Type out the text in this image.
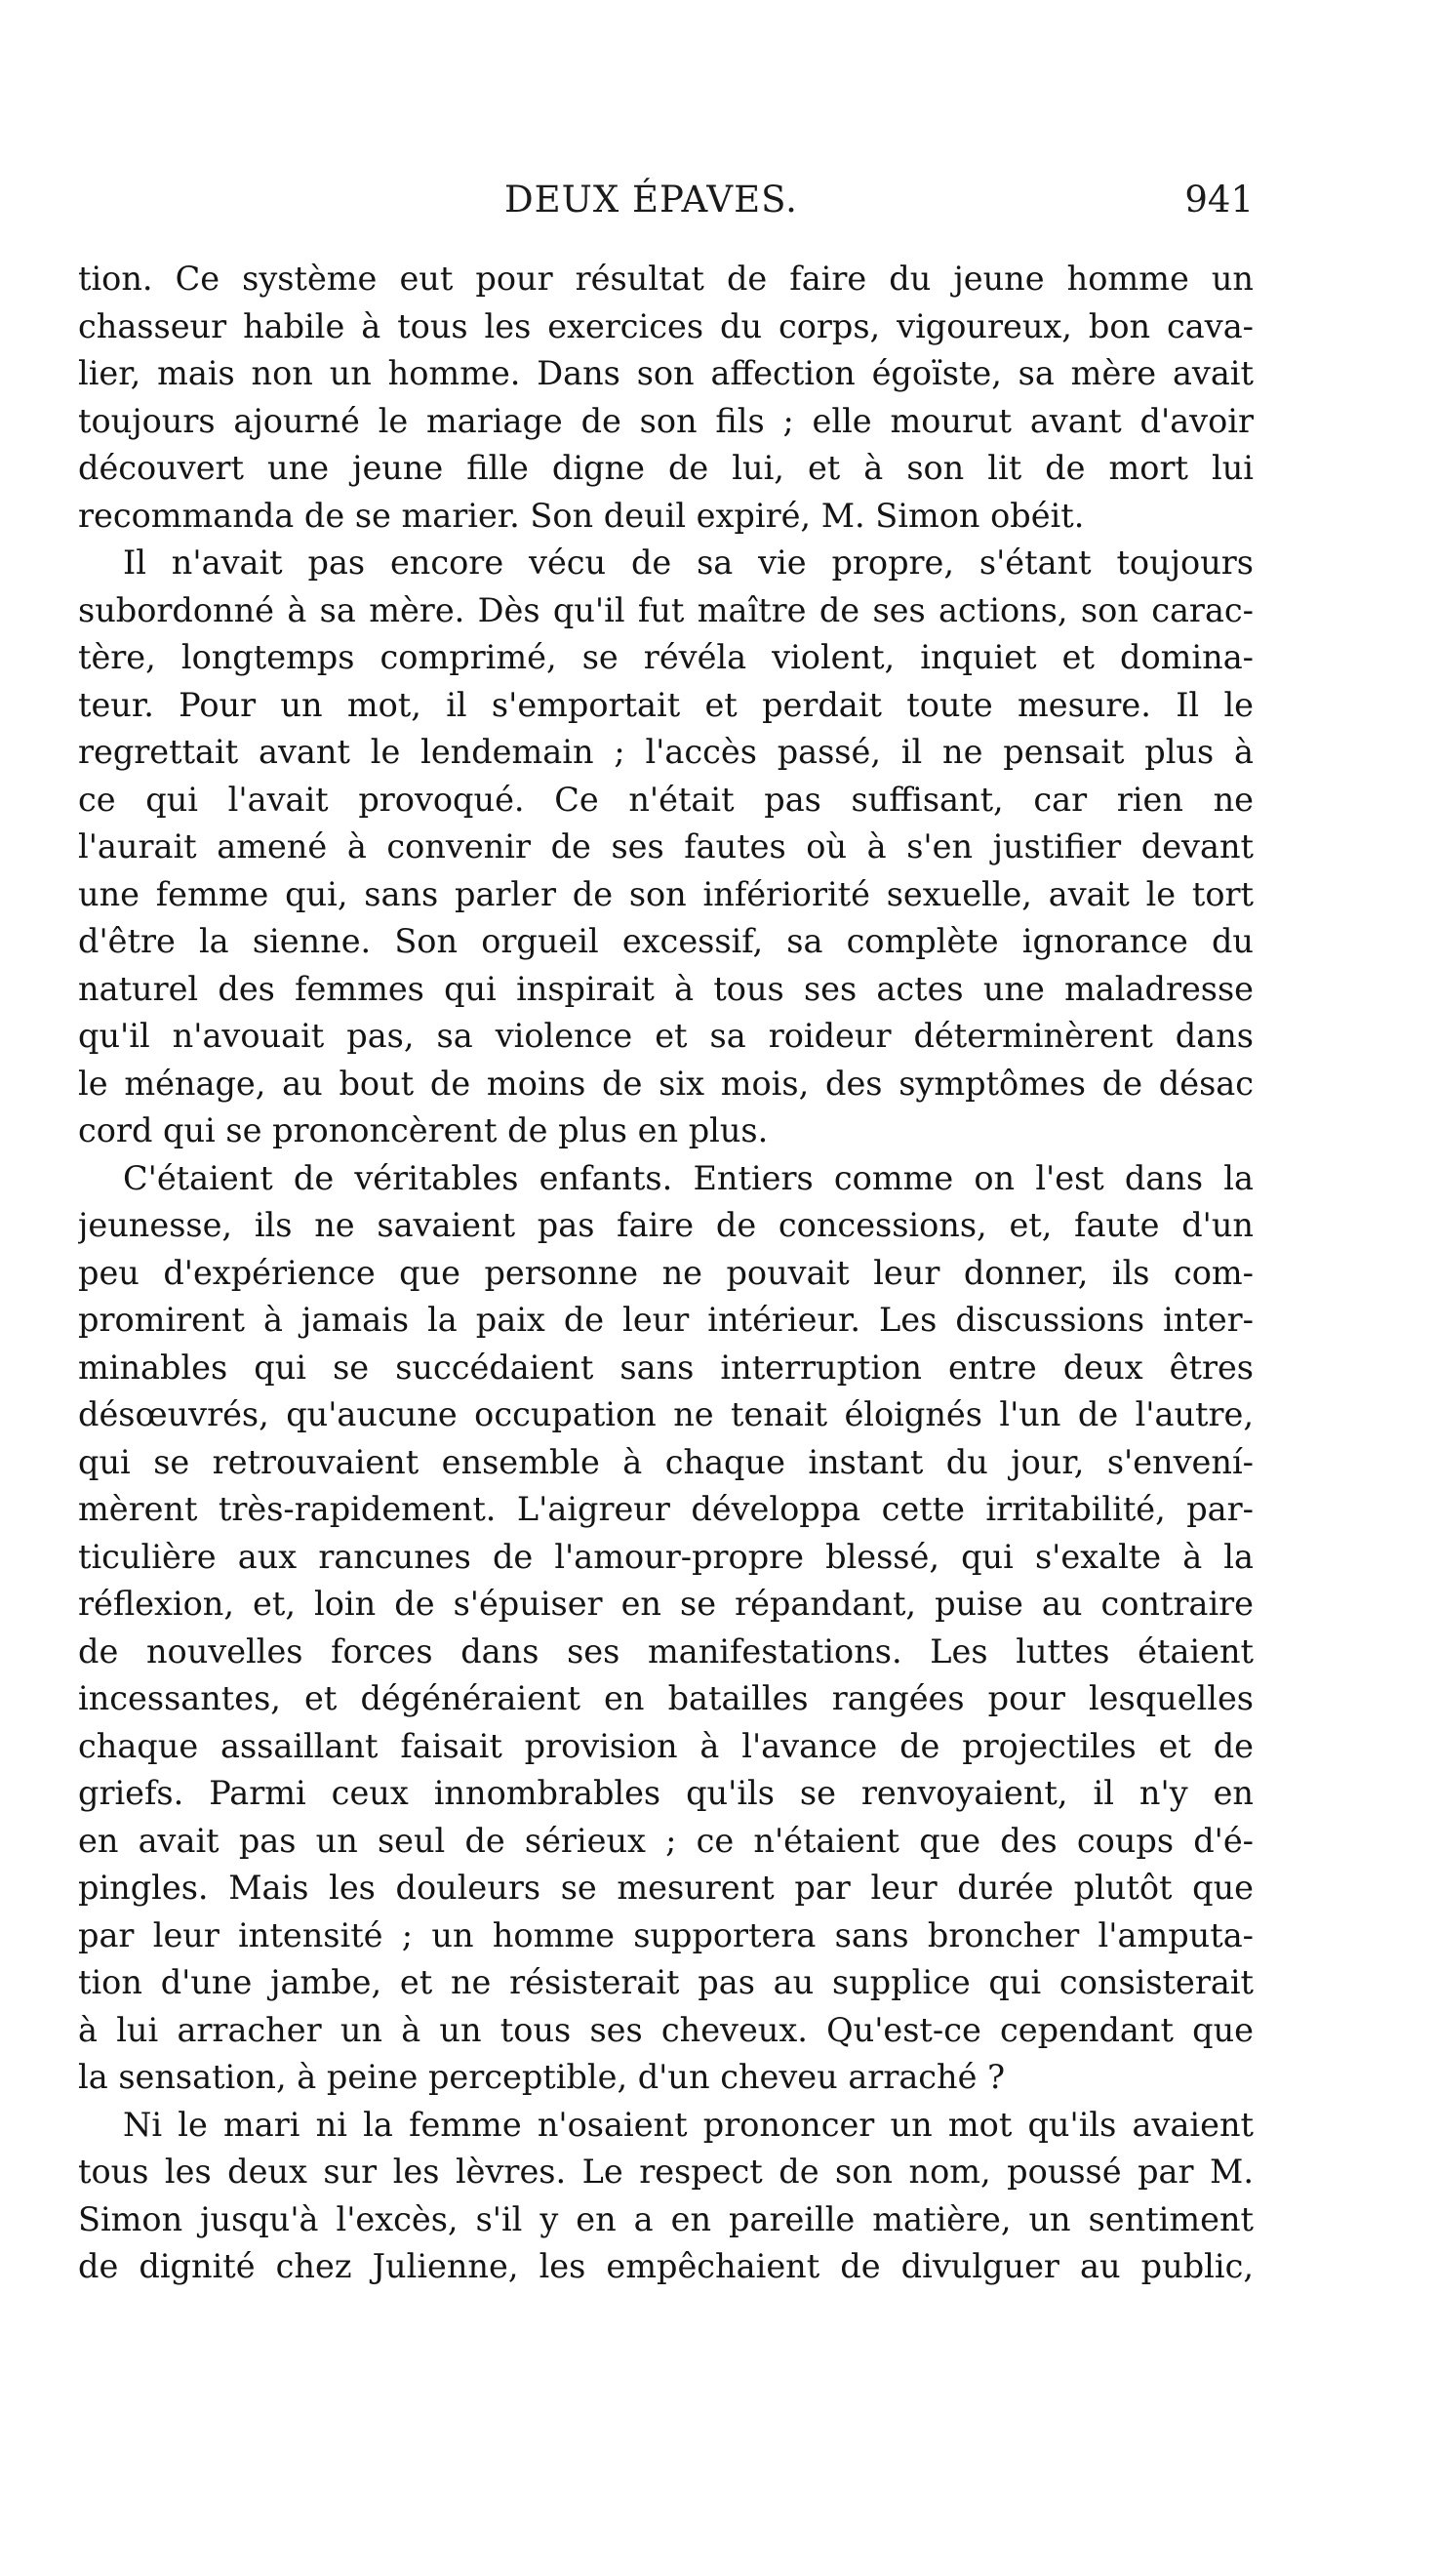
DEUX ÉPAVES.	941
tion. Ce système eut pour résultat de faire du jeune homme un
chasseur habile à tous les exercices du corps, vigoureux, bon cava-
lier, mais non un homme. Dans son affection égoïste, sa mère avait
toujours ajourné le mariage de son fils ; elle mourut avant d'avoir
découvert une jeune fille digne de lui, et à son lit de mort lui
recommanda de se marier. Son deuil expiré, M. Simon obéit.
Il n'avait pas encore vécu de sa vie propre, s'étant toujours
subordonné à sa mère. Dès qu'il fut maître de ses actions, son carac-
tère, longtemps comprimé, se révéla violent, inquiet et domina-
teur. Pour un mot, il s'emportait et perdait toute mesure. Il le
regrettait avant le lendemain ; l'accès passé, il ne pensait plus à
ce qui l'avait provoqué. Ce n'était pas suffisant, car rien ne
l'aurait amené à convenir de ses fautes où à s'en justifier devant
une femme qui, sans parler de son infériorité sexuelle, avait le tort
d'être la sienne. Son orgueil excessif, sa complète ignorance du
naturel des femmes qui inspirait à tous ses actes une maladresse
qu'il n'avouait pas, sa violence et sa roideur déterminèrent dans
le ménage, au bout de moins de six mois, des symptômes de désac
cord qui se prononcèrent de plus en plus.
C'étaient de véritables enfants. Entiers comme on l'est dans la
jeunesse, ils ne savaient pas faire de concessions, et, faute d'un
peu d'expérience que personne ne pouvait leur donner, ils com-
promirent à jamais la paix de leur intérieur. Les discussions inter-
minables qui se succédaient sans interruption entre deux êtres
désœuvrés, qu'aucune occupation ne tenait éloignés l'un de l'autre,
qui se retrouvaient ensemble à chaque instant du jour, s'envení-
mèrent très-rapidement. L'aigreur développa cette irritabilité, par-
ticulière aux rancunes de l'amour-propre blessé, qui s'exalte à la
réflexion, et, loin de s'épuiser en se répandant, puise au contraire
de nouvelles forces dans ses manifestations. Les luttes étaient
incessantes, et dégénéraient en batailles rangées pour lesquelles
chaque assaillant faisait provision à l'avance de projectiles et de
griefs. Parmi ceux innombrables qu'ils se renvoyaient, il n'y en
en avait pas un seul de sérieux ; ce n'étaient que des coups d'é-
pingles. Mais les douleurs se mesurent par leur durée plutôt que
par leur intensité ; un homme supportera sans broncher l'amputa-
tion d'une jambe, et ne résisterait pas au supplice qui consisterait
à lui arracher un à un tous ses cheveux. Qu'est-ce cependant que
la sensation, à peine perceptible, d'un cheveu arraché ?
Ni le mari ni la femme n'osaient prononcer un mot qu'ils avaient
tous les deux sur les lèvres. Le respect de son nom, poussé par M.
Simon jusqu'à l'excès, s'il y en a en pareille matière, un sentiment
de dignité chez Julienne, les empêchaient de divulguer au public,
